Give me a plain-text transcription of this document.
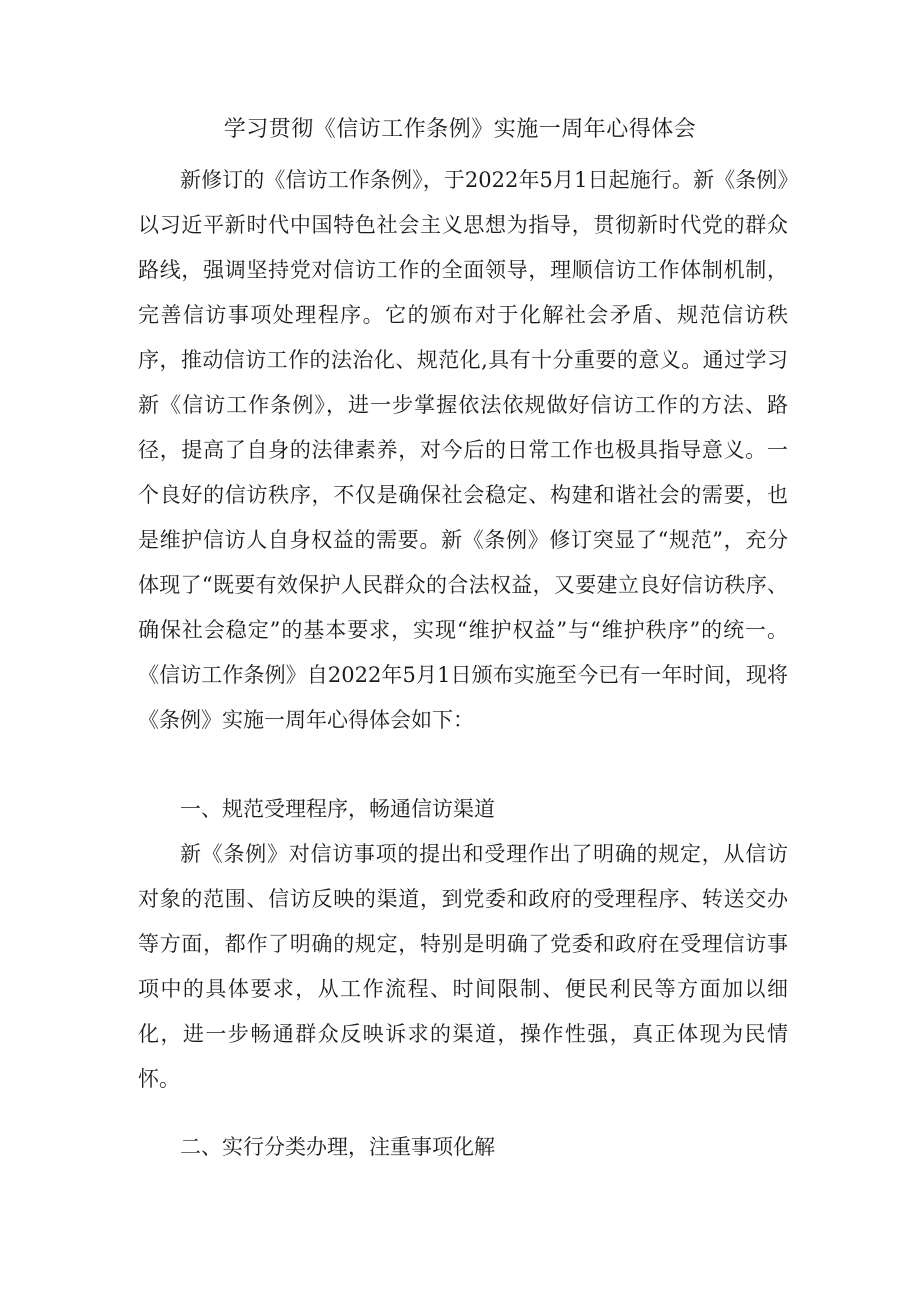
学习贯彻《信访工作条例》实施一周年心得体会

新修订的《信访工作条例》，于2022年5月1日起施行。新《条例》以习近平新时代中国特色社会主义思想为指导，贯彻新时代党的群众路线，强调坚持党对信访工作的全面领导，理顺信访工作体制机制，完善信访事项处理程序。它的颁布对于化解社会矛盾、规范信访秩序，推动信访工作的法治化、规范化,具有十分重要的意义。通过学习新《信访工作条例》，进一步掌握依法依规做好信访工作的方法、路径，提高了自身的法律素养，对今后的日常工作也极具指导意义。一个良好的信访秩序，不仅是确保社会稳定、构建和谐社会的需要，也是维护信访人自身权益的需要。新《条例》修订突显了“规范”，充分体现了“既要有效保护人民群众的合法权益，又要建立良好信访秩序、确保社会稳定”的基本要求，实现“维护权益”与“维护秩序”的统一。《信访工作条例》自2022年5月1日颁布实施至今已有一年时间，现将《条例》实施一周年心得体会如下：

一、规范受理程序，畅通信访渠道

新《条例》对信访事项的提出和受理作出了明确的规定，从信访对象的范围、信访反映的渠道，到党委和政府的受理程序、转送交办等方面，都作了明确的规定，特别是明确了党委和政府在受理信访事项中的具体要求，从工作流程、时间限制、便民利民等方面加以细化，进一步畅通群众反映诉求的渠道，操作性强，真正体现为民情怀。

二、实行分类办理，注重事项化解
